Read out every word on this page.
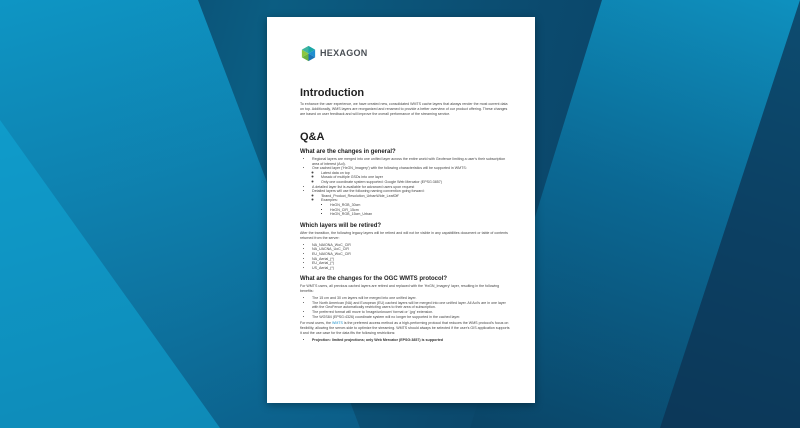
HEXAGON
Introduction

To enhance the user experience, we have created new, consolidated WMTS cache layers that always render the most current data on top. Additionally, WMS layers are reorganized and renamed to provide a better overview of our product offering. These changes are based on user feedback and will improve the overall performance of the streaming service.

Q&A
What are the changes in general?
• Regional layers are merged into one unified layer across the entire world with Geofence limiting a user's their subscription area of interest (AoI).
• One cached layer ('HxGN_Imagery') with the following characteristics will be supported in WMTS:
◦ Latest data on top
◦ Mosaic of multiple GSDs into one layer
◦ Only one coordinate system supported: Google Web Mercator (EPSG:3857)
• A detailed layer list is available for advanced users upon request
• Detailed layers will use the following naming convention going forward:
◦ 'Brand_Product_Resolution_UrbanWide_LeafOff'
◦ Examples:
▪ HxGN_RGB_30cm
▪ HxGN_CIR_15cm
▪ HxGN_RGB_15cm_Urban
Which layers will be retired?

After the transition, the following legacy layers will be retired and will not be visible in any capabilities document or table of contents returned from the server:

• NA_NAIONA_WoC_CIR
• NA_UACNA_UoC_CIR
• EU_NAIONA_WoC_CIR
• NA_Aerial_(*)
• EU_Aerial_(*)
• US_Aerial_(*)
What are the changes for the OGC WMTS protocol?

For WMTS users, all previous cached layers are retired and replaced with the 'HxGN_Imagery' layer, resulting in the following benefits:

• The 15 cm and 30 cm layers will be merged into one unified layer.
• The North American (NA) and European (EU) cached layers will be merged into one unified layer. All AoI's are in one layer with the GeoFence automatically restricting users to their area of subscription.
• The preferred format will move to 'image/unknown' format or '.jpg' extension.
• The WGS84 (EPSG:4326) coordinate system will no longer be supported in the cached layer.

For most users, the WMTS is the preferred access method as a high-performing protocol that reduces the WMS protocol's focus on flexibility, allowing the server-side to optimize the streaming. WMTS should always be selected if the user's GIS application supports it and the use case for the data fits the following restrictions:

• Projection: limited projections; only Web Mercator (EPSG:3857) is supported
